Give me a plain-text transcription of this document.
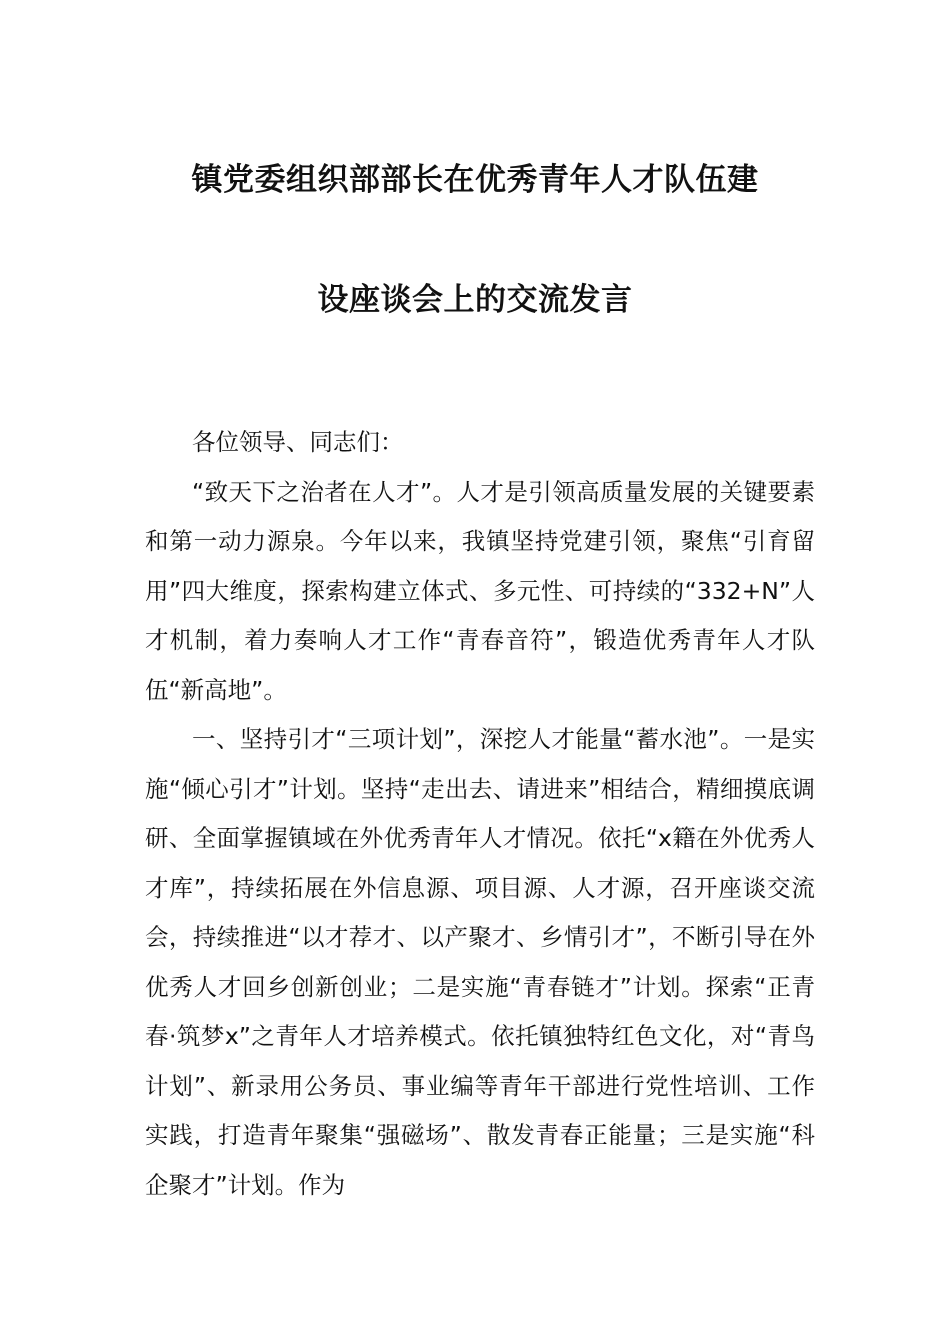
镇党委组织部部长在优秀青年人才队伍建
设座谈会上的交流发言

各位领导、同志们：

“致天下之治者在人才”。人才是引领高质量发展的关键要素和第一动力源泉。今年以来，我镇坚持党建引领，聚焦“引育留用”四大维度，探索构建立体式、多元性、可持续的“332+N”人才机制，着力奏响人才工作“青春音符”，锻造优秀青年人才队伍“新高地”。

一、坚持引才“三项计划”，深挖人才能量“蓄水池”。一是实施“倾心引才”计划。坚持“走出去、请进来”相结合，精细摸底调研、全面掌握镇域在外优秀青年人才情况。依托“x籍在外优秀人才库”，持续拓展在外信息源、项目源、人才源，召开座谈交流会，持续推进“以才荐才、以产聚才、乡情引才”，不断引导在外优秀人才回乡创新创业；二是实施“青春链才”计划。探索“正青春·筑梦x”之青年人才培养模式。依托镇独特红色文化，对“青鸟计划”、新录用公务员、事业编等青年干部进行党性培训、工作实践，打造青年聚集“强磁场”、散发青春正能量；三是实施“科企聚才”计划。作为
